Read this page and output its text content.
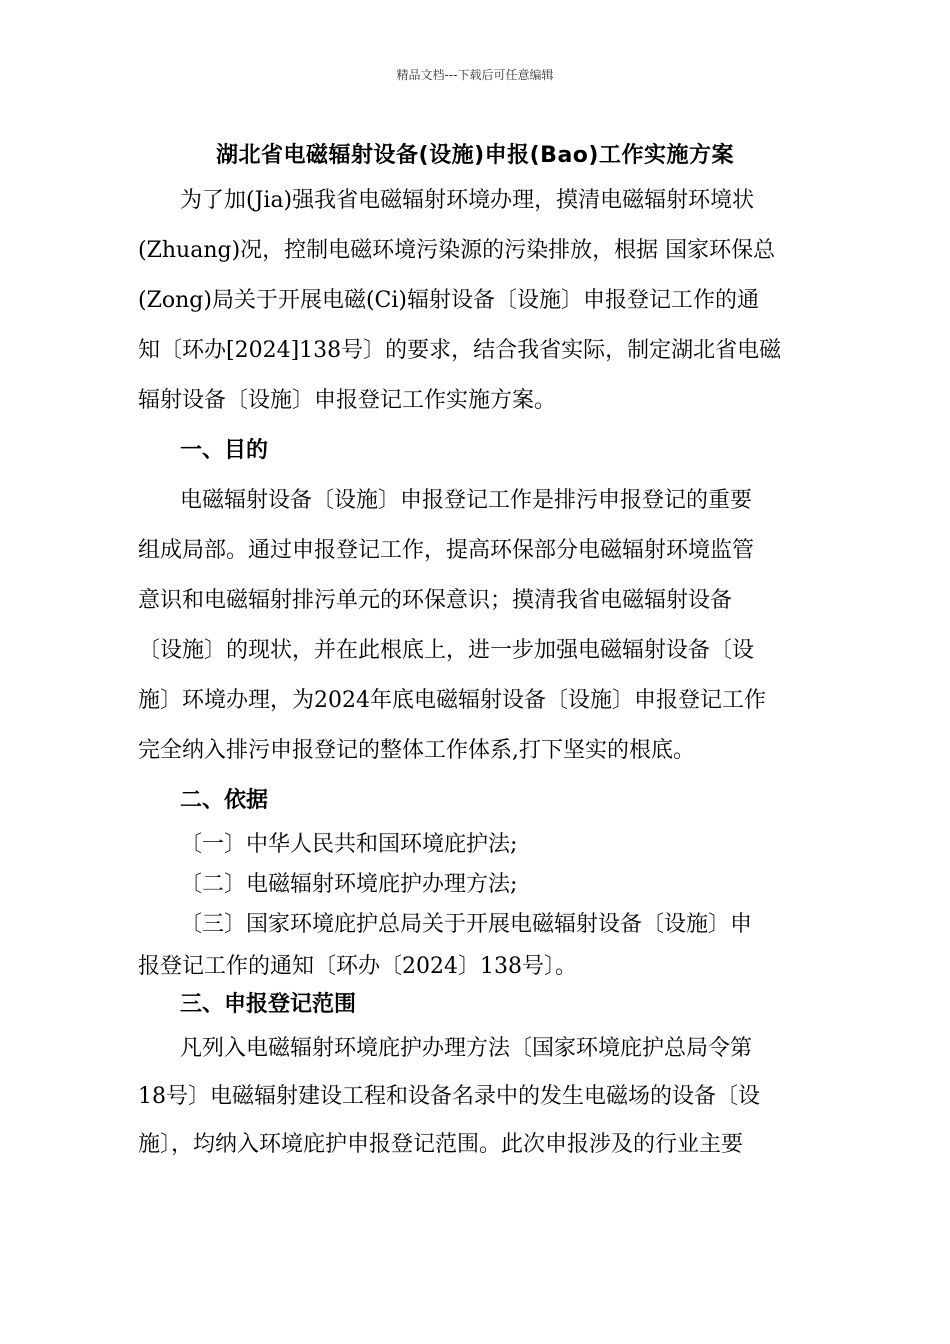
精品文档---下载后可任意编辑
湖北省电磁辐射设备(设施)申报(Bao)工作实施方案
为了加(Jia)强我省电磁辐射环境办理，摸清电磁辐射环境状
(Zhuang)况，控制电磁环境污染源的污染排放，根据 国家环保总
(Zong)局关于开展电磁(Ci)辐射设备〔设施〕申报登记工作的通
知〔环办[2024]138号〕的要求，结合我省实际，制定湖北省电磁
辐射设备〔设施〕申报登记工作实施方案。
一、目的
电磁辐射设备〔设施〕申报登记工作是排污申报登记的重要
组成局部。通过申报登记工作，提高环保部分电磁辐射环境监管
意识和电磁辐射排污单元的环保意识；摸清我省电磁辐射设备
〔设施〕的现状，并在此根底上，进一步加强电磁辐射设备〔设
施〕环境办理，为2024年底电磁辐射设备〔设施〕申报登记工作
完全纳入排污申报登记的整体工作体系,打下坚实的根底。
二、依据
〔一〕中华人民共和国环境庇护法;
〔二〕电磁辐射环境庇护办理方法;
〔三〕国家环境庇护总局关于开展电磁辐射设备〔设施〕申
报登记工作的通知〔环办〔2024〕138号〕。
三、申报登记范围
凡列入电磁辐射环境庇护办理方法〔国家环境庇护总局令第
18号〕电磁辐射建设工程和设备名录中的发生电磁场的设备〔设
施〕，均纳入环境庇护申报登记范围。此次申报涉及的行业主要
